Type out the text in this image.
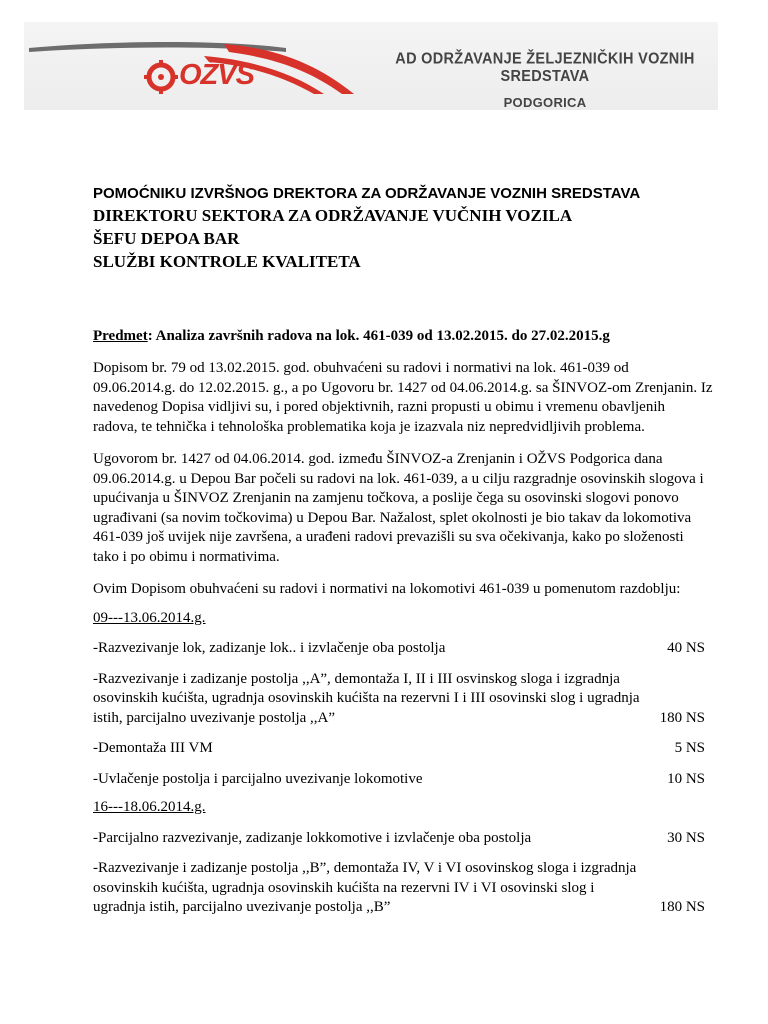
OŽVS	AD ODRŽAVANJE ŽELJEZNIČKIH VOZNIH SREDSTAVA
PODGORICA
POMOĆNIKU IZVRŠNOG DREKTORA ZA ODRŽAVANJE VOZNIH SREDSTAVA
DIREKTORU SEKTORA ZA ODRŽAVANJE VUČNIH VOZILA
ŠEFU DEPOA BAR
SLUŽBI KONTROLE KVALITETA
Predmet: Analiza završnih radova na lok. 461-039 od 13.02.2015. do 27.02.2015.g
Dopisom br. 79 od 13.02.2015. god. obuhvaćeni su radovi i normativi na lok. 461-039 od 09.06.2014.g. do 12.02.2015. g., a po Ugovoru br. 1427 od 04.06.2014.g. sa ŠINVOZ-om Zrenjanin. Iz navedenog Dopisa vidljivi su, i pored objektivnih, razni propusti u obimu i vremenu obavljenih radova, te tehnička i tehnološka problematika koja je izazvala niz nepredvidljivih problema.
Ugovorom br. 1427 od 04.06.2014. god. između ŠINVOZ-a Zrenjanin i OŽVS Podgorica dana 09.06.2014.g. u Depou Bar počeli su radovi na lok. 461-039, a u cilju razgradnje osovinskih slogova i upućivanja u ŠINVOZ Zrenjanin na zamjenu točkova, a poslije čega su osovinski slogovi ponovo ugrađivani (sa novim točkovima) u Depou Bar. Nažalost, splet okolnosti je bio takav da lokomotiva 461-039 još uvijek nije završena, a urađeni radovi prevazišli su sva očekivanja, kako po složenosti tako i po obimu i normativima.
Ovim Dopisom obuhvaćeni su radovi i normativi na lokomotivi 461-039 u pomenutom razdoblju:
09---13.06.2014.g.
-Razvezivanje lok, zadizanje lok.. i izvlačenje oba postolja	40 NS
-Razvezivanje i zadizanje postolja ,,A”, demontaža I, II i III osvinskog sloga i izgradnja osovinskih kućišta, ugradnja osovinskih kućišta na rezervni I i III osovinski slog i ugradnja istih, parcijalno uvezivanje postolja ,,A”	180 NS
-Demontaža III VM	5 NS
-Uvlačenje postolja i parcijalno uvezivanje lokomotive	10 NS
16---18.06.2014.g.
-Parcijalno razvezivanje, zadizanje lokkomotive i izvlačenje oba postolja	30 NS
-Razvezivanje i zadizanje postolja ,,B”, demontaža IV, V i VI osovinskog sloga i izgradnja osovinskih kućišta, ugradnja osovinskih kućišta na rezervni IV i VI osovinski slog i ugradnja istih, parcijalno uvezivanje postolja ,,B”	180 NS
